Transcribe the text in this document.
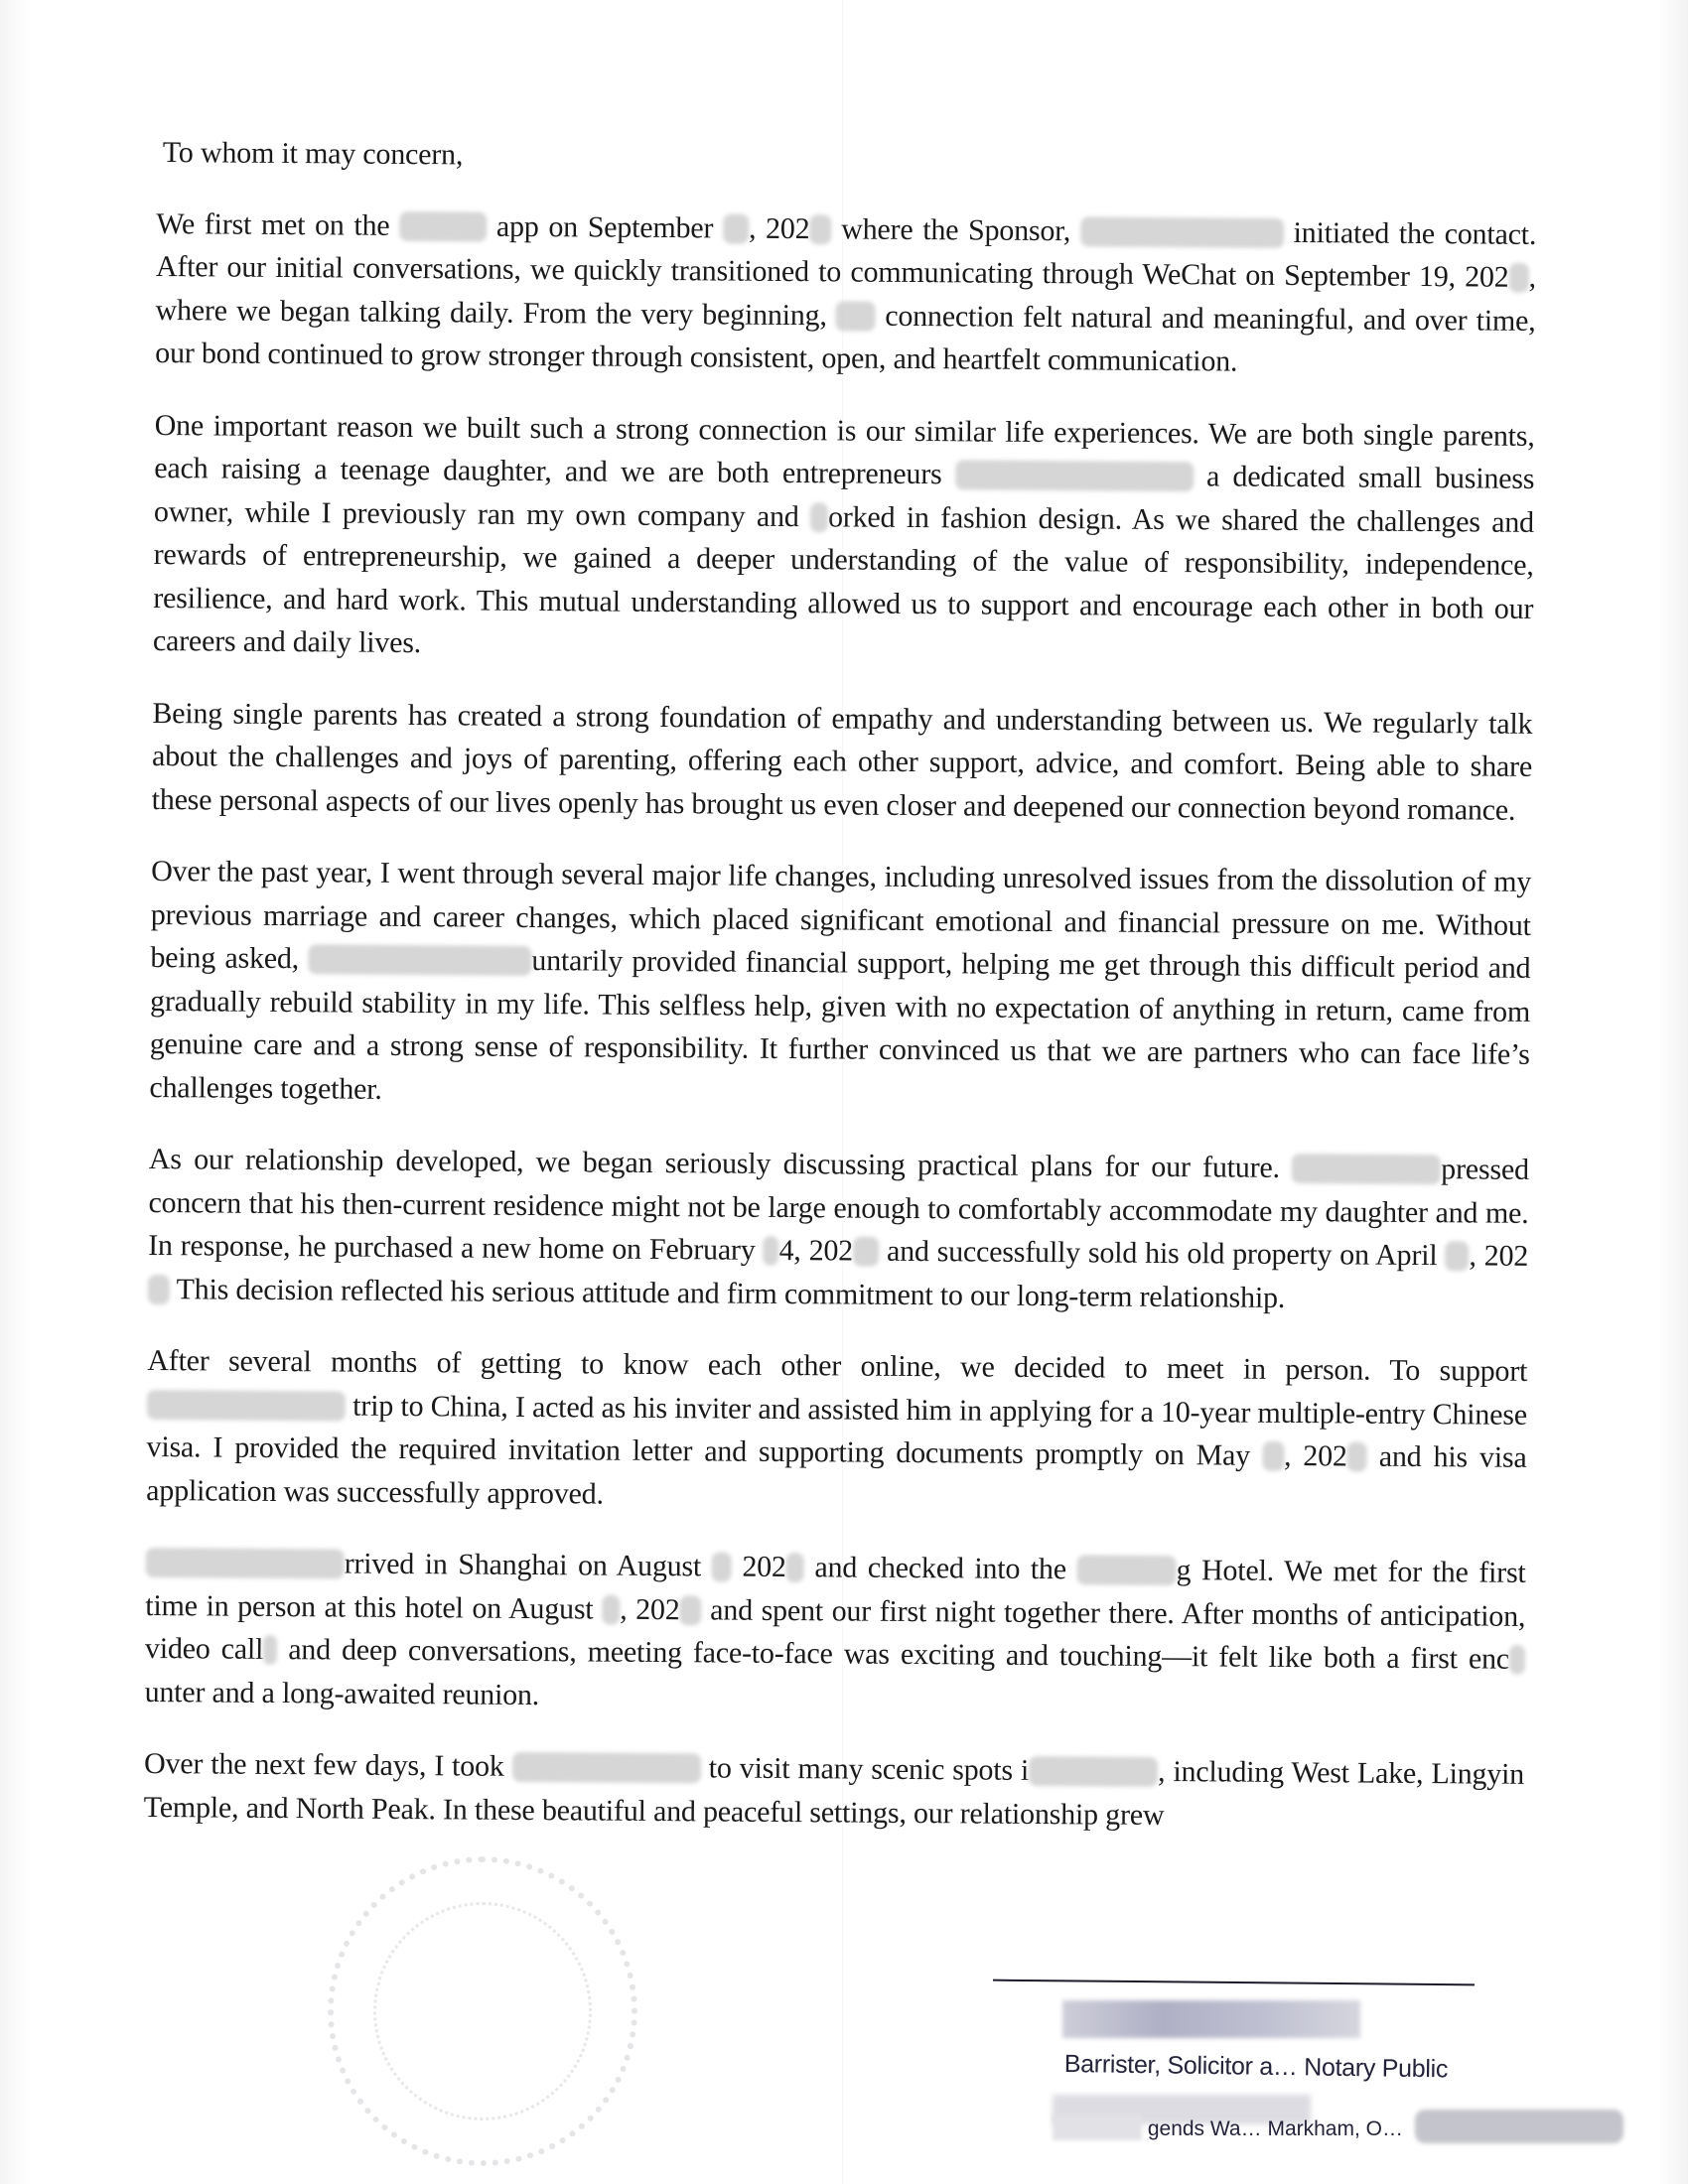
To whom it may concern,

We first met on the	app on September , 202 where the Sponsor,	initiated the contact. After our initial conversations, we quickly transitioned to communicating through WeChat on September 19, 202 , where we began talking daily. From the very beginning,  connection felt natural and meaningful, and over time, our bond continued to grow stronger through consistent, open, and heartfelt communication.

One important reason we built such a strong connection is our similar life experiences. We are both single parents, each raising a teenage daughter, and we are both entrepreneurs	a dedicated small business owner, while I previously ran my own company and orked in fashion design. As we shared the challenges and rewards of entrepreneurship, we gained a deeper understanding of the value of responsibility, independence, resilience, and hard work. This mutual understanding allowed us to support and encourage each other in both our careers and daily lives.

Being single parents has created a strong foundation of empathy and understanding between us. We regularly talk about the challenges and joys of parenting, offering each other support, advice, and comfort. Being able to share these personal aspects of our lives openly has brought us even closer and deepened our connection beyond romance.

Over the past year, I went through several major life changes, including unresolved issues from the dissolution of my previous marriage and career changes, which placed significant emotional and financial pressure on me. Without being asked,	untarily provided financial support, helping me get through this difficult period and gradually rebuild stability in my life. This selfless help, given with no expectation of anything in return, came from genuine care and a strong sense of responsibility. It further convinced us that we are partners who can face life’s challenges together.

As our relationship developed, we began seriously discussing practical plans for our future.	pressed concern that his then-current residence might not be large enough to comfortably accommodate my daughter and me. In response, he purchased a new home on February 4, 202 and successfully sold his old property on April , 202 This decision reflected his serious attitude and firm commitment to our long-term relationship.

After several months of getting to know each other online, we decided to meet in person. To support  trip to China, I acted as his inviter and assisted him in applying for a 10-year multiple-entry Chinese visa. I provided the required invitation letter and supporting documents promptly on May , 202 and his visa application was successfully approved.

rrived in Shanghai on August  202 and checked into the	g Hotel. We met for the first time in person at this hotel on August , 202 and spent our first night together there. After months of anticipation, video call and deep conversations, meeting face-to-face was exciting and touching—it felt like both a first encunter and a long-awaited reunion.

Over the next few days, I took	to visit many scenic spots i	, including West Lake, Lingyin Temple, and North Peak. In these beautiful and peaceful settings, our relationship grew

Barrister, Solicitor a… Notary Public
gends Wa… Markham, O…
